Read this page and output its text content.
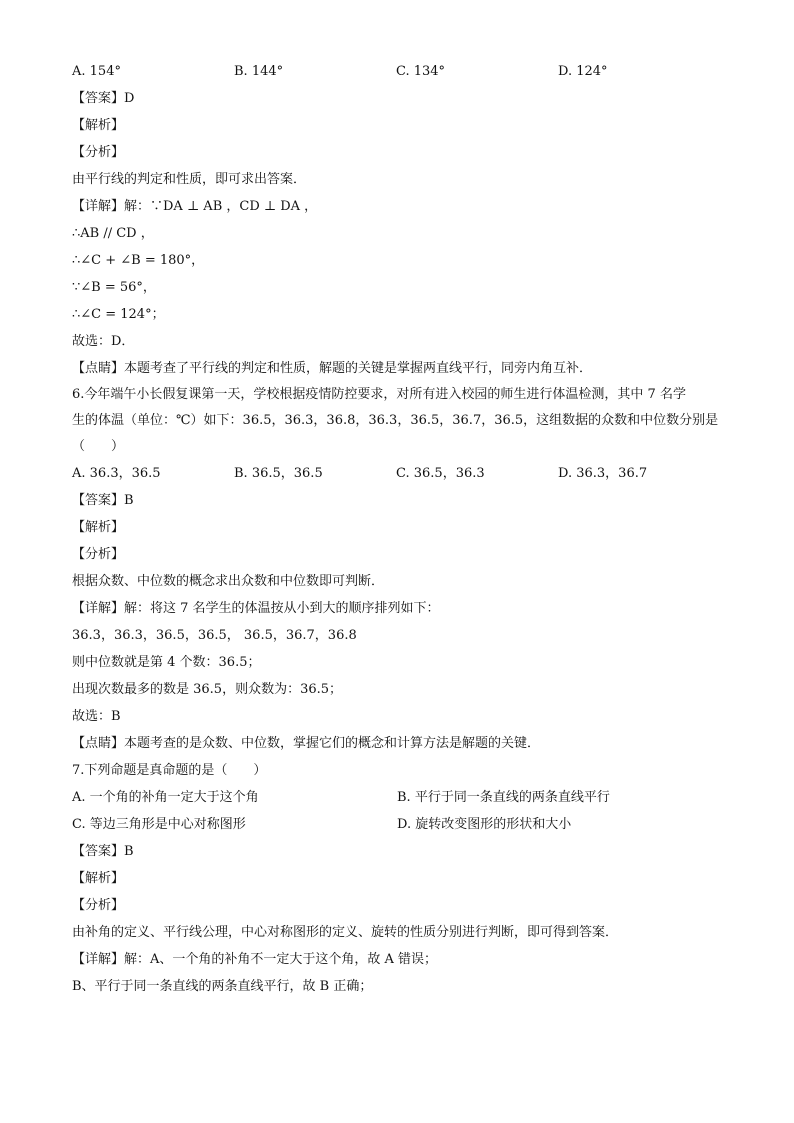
A. 154°	B. 144°	C. 134°	D. 124°
【答案】D
【解析】
【分析】
由平行线的判定和性质，即可求出答案．
【详解】解：∵DA ⊥ AB ，CD ⊥ DA ，
∴AB // CD ，
∴∠C + ∠B = 180°，
∵∠B = 56°，
∴∠C = 124°；
故选：D．
【点睛】本题考查了平行线的判定和性质，解题的关键是掌握两直线平行，同旁内角互补．
6.今年端午小长假复课第一天，学校根据疫情防控要求，对所有进入校园的师生进行体温检测，其中 7 名学
生的体温（单位：℃）如下：36.5，36.3，36.8，36.3，36.5，36.7，36.5，这组数据的众数和中位数分别是
（　　）
A. 36.3，36.5	B. 36.5，36.5	C. 36.5，36.3	D. 36.3，36.7
【答案】B
【解析】
【分析】
根据众数、中位数的概念求出众数和中位数即可判断．
【详解】解：将这 7 名学生的体温按从小到大的顺序排列如下：
36.3，36.3，36.5，36.5， 36.5，36.7，36.8
则中位数就是第 4 个数：36.5；
出现次数最多的数是 36.5，则众数为：36.5；
故选：B
【点睛】本题考查的是众数、中位数，掌握它们的概念和计算方法是解题的关键．
7.下列命题是真命题的是（　　）
A. 一个角的补角一定大于这个角	B. 平行于同一条直线的两条直线平行
C. 等边三角形是中心对称图形	D. 旋转改变图形的形状和大小
【答案】B
【解析】
【分析】
由补角的定义、平行线公理，中心对称图形的定义、旋转的性质分别进行判断，即可得到答案．
【详解】解：A、一个角的补角不一定大于这个角，故 A 错误；
B、平行于同一条直线的两条直线平行，故 B 正确；
